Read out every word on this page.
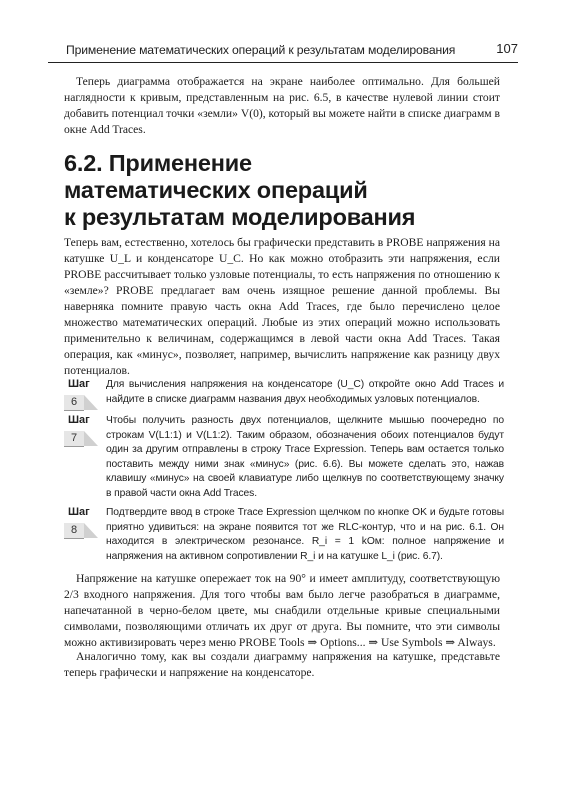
Применение математических операций к результатам моделирования	107
Теперь диаграмма отображается на экране наиболее оптимально. Для большей наглядности к кривым, представленным на рис. 6.5, в качестве нулевой линии стоит добавить потенциал точки «земли» V(0), который вы можете найти в списке диаграмм в окне Add Traces.
6.2. Применение
математических операций
к результатам моделирования
Теперь вам, естественно, хотелось бы графически представить в PROBE напряжения на катушке U_L и конденсаторе U_C. Но как можно отобразить эти напряжения, если PROBE рассчитывает только узловые потенциалы, то есть напряжения по отношению к «земле»? PROBE предлагает вам очень изящное решение данной проблемы. Вы наверняка помните правую часть окна Add Traces, где было перечислено целое множество математических операций. Любые из этих операций можно использовать применительно к величинам, содержащимся в левой части окна Add Traces. Такая операция, как «минус», позволяет, например, вычислить напряжение как разницу двух потенциалов.
Шаг
6
Для вычисления напряжения на конденсаторе (U_C) откройте окно Add Traces и найдите в списке диаграмм названия двух необходимых узловых потенциалов.
Шаг
7
Чтобы получить разность двух потенциалов, щелкните мышью поочередно по строкам V(L1:1) и V(L1:2). Таким образом, обозначения обоих потенциалов будут один за другим отправлены в строку Trace Expression. Теперь вам остается только поставить между ними знак «минус» (рис. 6.6). Вы можете сделать это, нажав клавишу «минус» на своей клавиатуре либо щелкнув по соответствующему значку в правой части окна Add Traces.
Шаг
8
Подтвердите ввод в строке Trace Expression щелчком по кнопке OK и будьте готовы приятно удивиться: на экране появится тот же RLC-контур, что и на рис. 6.1. Он находится в электрическом резонансе. R_i = 1 kОм: полное напряжение и напряжения на активном сопротивлении R_i и на катушке L_i (рис. 6.7).
Напряжение на катушке опережает ток на 90° и имеет амплитуду, соответствующую 2/3 входного напряжения. Для того чтобы вам было легче разобраться в диаграмме, напечатанной в черно-белом цвете, мы снабдили отдельные кривые специальными символами, позволяющими отличать их друг от друга. Вы помните, что эти символы можно активизировать через меню PROBE Tools ⇒ Options... ⇒ Use Symbols ⇒ Always.
Аналогично тому, как вы создали диаграмму напряжения на катушке, представьте теперь графически и напряжение на конденсаторе.
